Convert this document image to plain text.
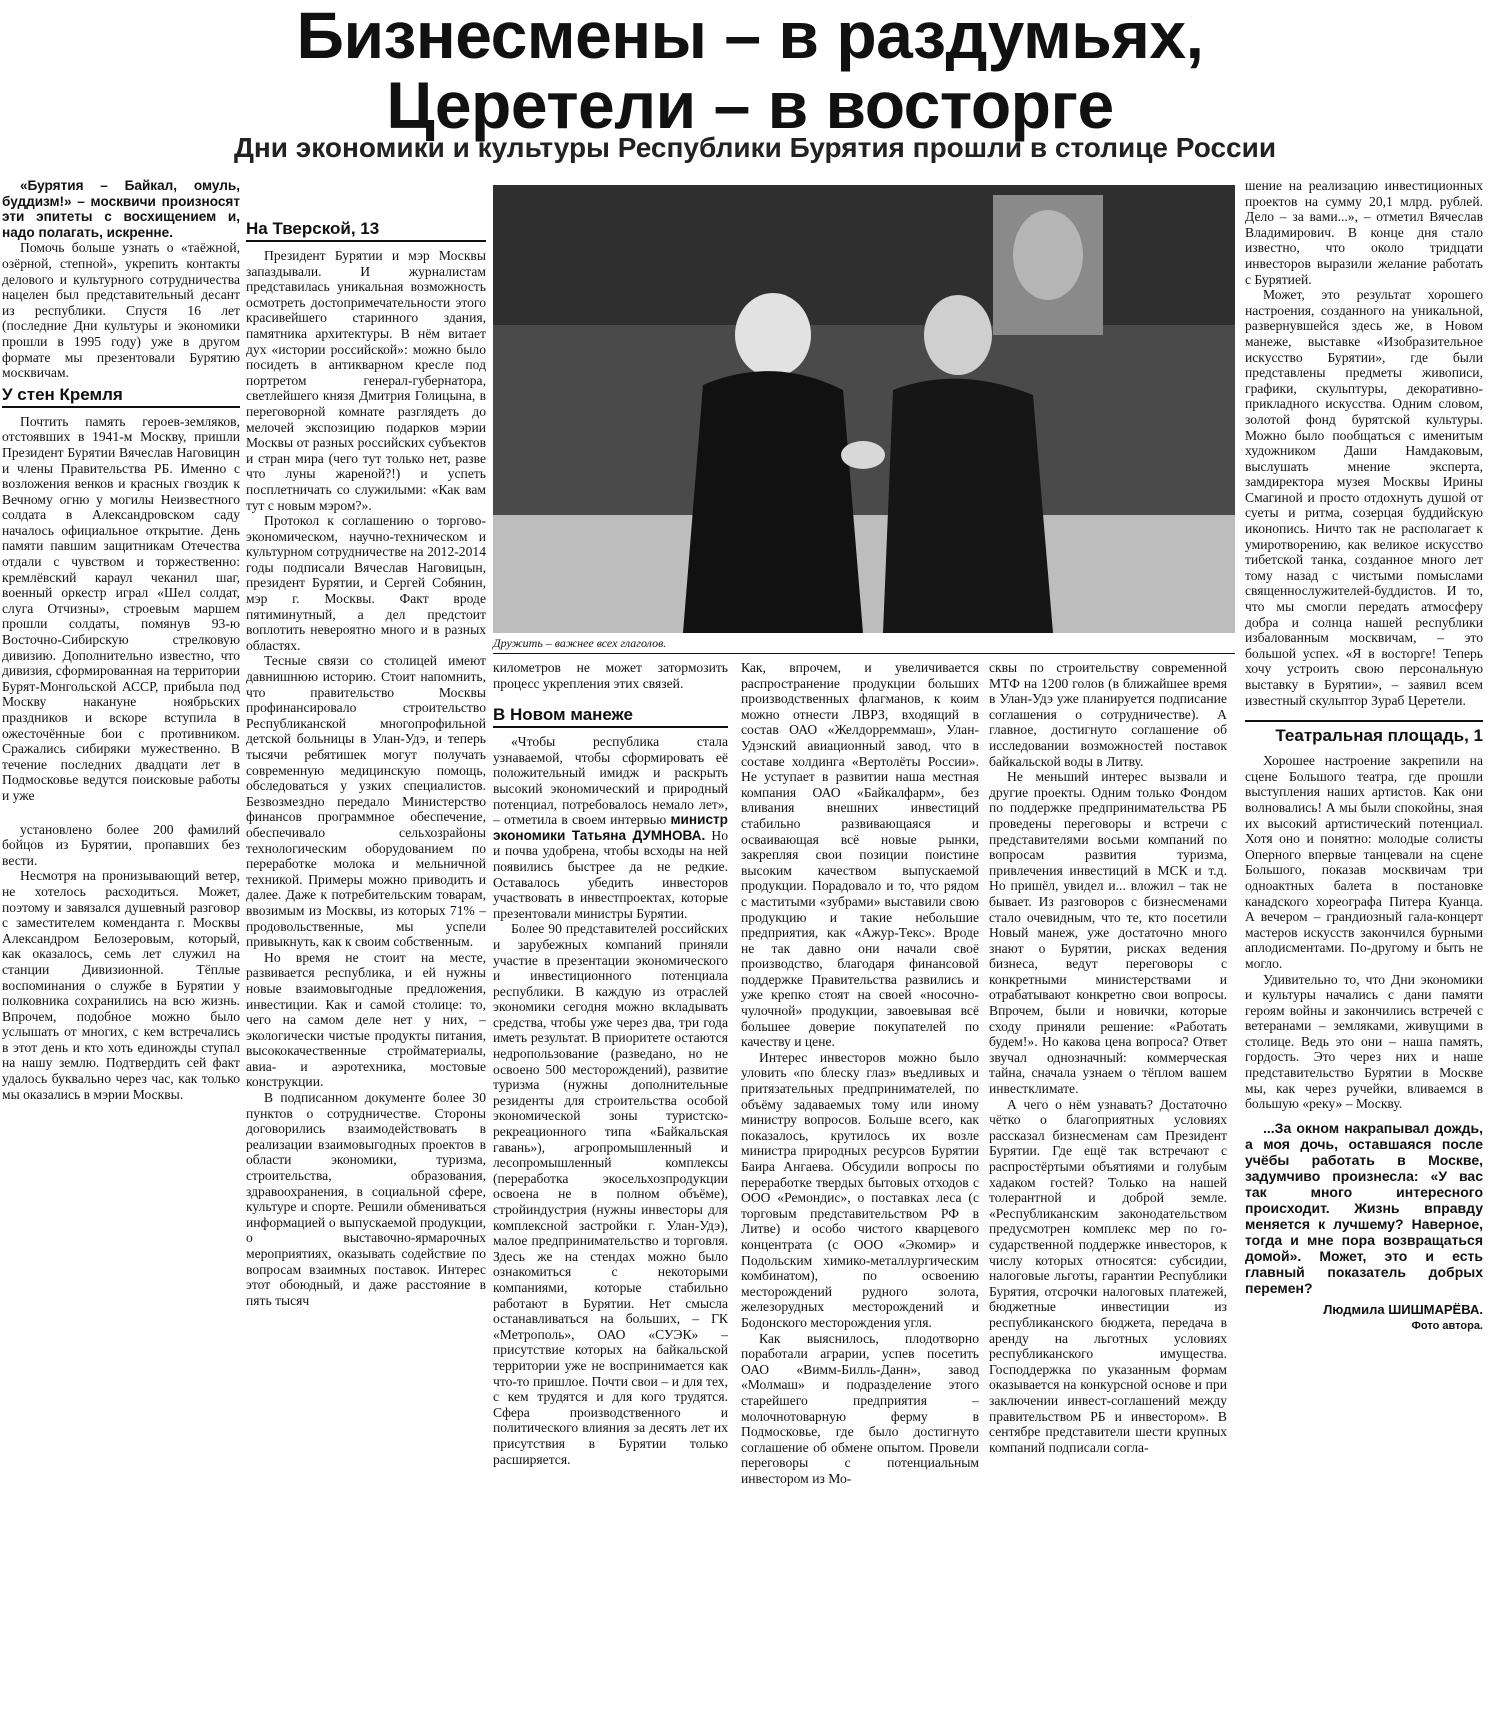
Бизнесмены – в раздумьях,
Церетели – в восторге
Дни экономики и культуры Республики Бурятия прошли в столице России

«Бурятия – Байкал, омуль, буддизм!» – москвичи произносят эти эпитеты с восхищением и, надо полагать, искренне.

Помочь больше узнать о «таёжной, озёрной, степной», укрепить контакты делового и культурного сотрудничества нацелен был представительный десант из республики. Спустя 16 лет (последние Дни культуры и экономики прошли в 1995 году) уже в другом формате мы презентовали Бурятию москвичам.

У стен Кремля

Почтить память героев-земляков, отстоявших в 1941-м Москву, пришли Президент Бурятии Вячеслав Наговицин и члены Правительства РБ. Именно с возложения венков и красных гвоздик к Вечному огню у могилы Неизвестного солдата в Александровском саду началось официальное открытие. День памяти павшим защитникам Отечества отдали с чувством и торжественно: кремлёвский караул чеканил шаг, военный оркестр играл «Шел солдат, слуга Отчизны», строевым маршем прошли солдаты, помянув 93-ю Восточно-Сибирскую стрелковую дивизию. Дополнительно известно, что дивизия, сформированная на территории Бурят-Монгольской АССР, прибыла под Москву накануне ноябрьских праздников и вскоре вступила в ожесточённые бои с противником. Сражались сибиряки мужественно. В течение последних двадцати лет в Подмосковье ведутся поисковые работы и уже

установлено более 200 фамилий бойцов из Бурятии, пропавших без вести.

Несмотря на пронизывающий ветер, не хотелось расходиться. Может, поэтому и завязался душевный разговор с заместителем коменданта г. Москвы Александром Белозеровым, который, как оказалось, семь лет служил на станции Дивизионной. Тёплые воспоминания о службе в Бурятии у полковника сохранились на всю жизнь. Впрочем, подобное можно было услышать от многих, с кем встречались в этот день и кто хоть единожды ступал на нашу землю. Подтвердить сей факт удалось буквально через час, как только мы оказались в мэрии Москвы.

На Тверской, 13

Президент Бурятии и мэр Москвы запаздывали. И журналистам представилась уникальная возможность осмотреть достопримечательности этого красивейшего старинного здания, памятника архитектуры. В нём витает дух «истории российской»: можно было посидеть в антикварном кресле под портретом генерал-губернатора, светлейшего князя Дмитрия Голицына, в переговорной комнате разглядеть до мелочей экспозицию подарков мэрии Москвы от разных российских субъектов и стран мира (чего тут только нет, разве что луны жареной?!) и успеть посплетничать со служилыми: «Как вам тут с новым мэром?».

Протокол к соглашению о торгово-экономическом, научно-техническом и культурном сотрудничестве на 2012-2014 годы подписали Вячеслав Наговицын, президент Бурятии, и Сергей Собянин, мэр г. Москвы. Факт вроде пятиминутный, а дел предстоит воплотить невероятно много и в разных областях.

Тесные связи со столицей имеют давнишнюю историю. Стоит напомнить, что правительство Москвы профинансировало строительство Республиканской многопрофильной детской больницы в Улан-Удэ, и теперь тысячи ребятишек могут получать современную медицинскую помощь, обследоваться у узких специалистов. Безвозмездно передало Министерство финансов программное обеспечение, обеспечивало сельхозрайоны технологическим оборудованием по переработке молока и мельничной техникой. Примеры можно приводить и далее. Даже к потребительским товарам, ввозимым из Москвы, из которых 71% – продовольственные, мы успели привыкнуть, как к своим собственным.

Но время не стоит на месте, развивается республика, и ей нужны новые взаимовыгодные предложения, инвестиции. Как и самой столице: то, чего на самом деле нет у них, – экологически чистые продукты питания, высококачественные стройматериалы, авиа- и аэротехника, мостовые конструкции.

В подписанном документе более 30 пунктов о сотрудничестве. Стороны договорились взаимодействовать в реализации взаимовыгодных проектов в области экономики, туризма, строительства, образования, здравоохранения, в социальной сфере, культуре и спорте. Решили обмениваться информацией о выпускаемой продукции, о выставочно-ярмарочных мероприятиях, оказывать содействие по вопросам взаимных поставок. Интерес этот обоюдный, и даже расстояние в пять тысяч

Дружить – важнее всех глаголов.

километров не может затормозить процесс укрепления этих связей.

В Новом манеже

«Чтобы республика стала узнаваемой, чтобы сформировать её положительный имидж и раскрыть высокий экономический и природный потенциал, потребовалось немало лет», – отметила в своем интервью министр экономики Татьяна ДУМНОВА. Но и почва удобрена, чтобы всходы на ней появились быстрее да не редкие. Оставалось убедить инвесторов участвовать в инвестпроектах, которые презентовали министры Бурятии.

Более 90 представителей российских и зарубежных компаний приняли участие в презентации экономического и инвестиционного потенциала республики. В каждую из отраслей экономики сегодня можно вкладывать средства, чтобы уже через два, три года иметь результат. В приоритете остаются недропользование (разведано, но не освоено 500 месторождений), развитие туризма (нужны дополнительные резиденты для строительства особой экономической зоны туристско-рекреационного типа «Байкальская гавань»), агропромышленный и лесопромышленный комплексы (переработка экосельхозпродукции освоена не в полном объёме), стройиндустрия (нужны инвесторы для комплексной застройки г. Улан-Удэ), малое предпринимательство и торговля. Здесь же на стендах можно было ознакомиться с некоторыми компаниями, которые стабильно работают в Бурятии. Нет смысла останавливаться на больших, – ГК «Метрополь», ОАО «СУЭК» – присутствие которых на байкальской территории уже не воспринимается как что-то пришлое. Почти свои – и для тех, с кем трудятся и для кого трудятся. Сфера производственного и политического влияния за десять лет их присутствия в Бурятии только расширяется.

Как, впрочем, и увеличивается распространение продукции больших производственных флагманов, к коим можно отнести ЛВРЗ, входящий в состав ОАО «Желдорреммаш», Улан-Удэнский авиационный завод, что в составе холдинга «Вертолёты России». Не уступает в развитии наша местная компания ОАО «Байкалфарм», без вливания внешних инвестиций стабильно развивающаяся и осваивающая всё новые рынки, закрепляя свои позиции поистине высоким качеством выпускаемой продукции. Порадовало и то, что рядом с маститыми «зубрами» выставили свою продукцию и такие небольшие предприятия, как «Ажур-Текс». Вроде не так давно они начали своё производство, благодаря финансовой поддержке Правительства развились и уже крепко стоят на своей «носочно-чулочной» продукции, завоевывая всё большее доверие покупателей по качеству и цене.

Интерес инвесторов можно было уловить «по блеску глаз» въедливых и притязательных предпринимателей, по объёму задаваемых тому или иному министру вопросов. Больше всего, как показалось, крутилось их возле министра природных ресурсов Бурятии Баира Ангаева. Обсудили вопросы по переработке твердых бытовых отходов с ООО «Ремондис», о поставках леса (с торговым представительством РФ в Литве) и особо чистого кварцевого концентрата (с ООО «Экомир» и Подольским химико-металлургическим комбинатом), по освоению месторождений рудного золота, железорудных месторождений и Бодонского месторождения угля.

Как выяснилось, плодотворно поработали аграрии, успев посетить ОАО «Вимм-Билль-Данн», завод «Молмаш» и подразделение этого старейшего предприятия – молочнотоварную ферму в Подмосковье, где было достигнуто соглашение об обмене опытом. Провели переговоры с потенциальным инвестором из Мо-

сквы по строительству современной МТФ на 1200 голов (в ближайшее время в Улан-Удэ уже планируется подписание соглашения о сотрудничестве). А главное, достигнуто соглашение об исследовании возможностей поставок байкальской воды в Литву.

Не меньший интерес вызвали и другие проекты. Одним только Фондом по поддержке предпринимательства РБ проведены переговоры и встречи с представителями восьми компаний по вопросам развития туризма, привлечения инвестиций в МСК и т.д. Но пришёл, увидел и... вложил – так не бывает. Из разговоров с бизнесменами стало очевидным, что те, кто посетили Новый манеж, уже достаточно много знают о Бурятии, рисках ведения бизнеса, ведут переговоры с конкретными министерствами и отрабатывают конкретно свои вопросы. Впрочем, были и новички, которые сходу приняли решение: «Работать будем!». Но какова цена вопроса? Ответ звучал однозначный: коммерческая тайна, сначала узнаем о тёплом вашем инвестклимате.

А чего о нём узнавать? Достаточно чётко о благоприятных условиях рассказал бизнесменам сам Президент Бурятии. Где ещё так встречают с распростёртыми объятиями и голубым хадаком гостей? Только на нашей толерантной и доброй земле. «Республиканским законодательством предусмотрен комплекс мер по го-сударственной поддержке инвесторов, к числу которых относятся: субсидии, налоговые льготы, гарантии Республики Бурятия, отсрочки налоговых платежей, бюджетные инвестиции из республиканского бюджета, передача в аренду на льготных условиях республиканского имущества. Господдержка по указанным формам оказывается на конкурсной основе и при заключении инвест-соглашений между правительством РБ и инвестором». В сентябре представители шести крупных компаний подписали согла-

шение на реализацию инвестиционных проектов на сумму 20,1 млрд. рублей. Дело – за вами...», – отметил Вячеслав Владимирович. В конце дня стало известно, что около тридцати инвесторов выразили желание работать с Бурятией.

Может, это результат хорошего настроения, созданного на уникальной, развернувшейся здесь же, в Новом манеже, выставке «Изобразительное искусство Бурятии», где были представлены предметы живописи, графики, скульптуры, декоративно-прикладного искусства. Одним словом, золотой фонд бурятской культуры. Можно было пообщаться с именитым художником Даши Намдаковым, выслушать мнение эксперта, замдиректора музея Москвы Ирины Смагиной и просто отдохнуть душой от суеты и ритма, созерцая буддийскую иконопись. Ничто так не располагает к умиротворению, как великое искусство тибетской танка, созданное много лет тому назад с чистыми помыслами священнослужителей-буддистов. И то, что мы смогли передать атмосферу добра и солнца нашей республики избалованным москвичам, – это большой успех. «Я в восторге! Теперь хочу устроить свою персональную выставку в Бурятии», – заявил всем известный скульптор Зураб Церетели.

Театральная площадь, 1

Хорошее настроение закрепили на сцене Большого театра, где прошли выступления наших артистов. Как они волновались! А мы были спокойны, зная их высокий артистический потенциал. Хотя оно и понятно: молодые солисты Оперного впервые танцевали на сцене Большого, показав москвичам три одноактных балета в постановке канадского хореографа Питера Куанца. А вечером – грандиозный гала-концерт мастеров искусств закончился бурными аплодисментами. По-другому и быть не могло.

Удивительно то, что Дни экономики и культуры начались с дани памяти героям войны и закончились встречей с ветеранами – земляками, живущими в столице. Ведь это они – наша память, гордость. Это через них и наше представительство Бурятии в Москве мы, как через ручейки, вливаемся в большую «реку» – Москву.

...За окном накрапывал дождь, а моя дочь, оставшаяся после учёбы работать в Москве, задумчиво произнесла: «У вас так много интересного происходит. Жизнь вправду меняется к лучшему? Наверное, тогда и мне пора возвращаться домой». Может, это и есть главный показатель добрых перемен?

Людмила ШИШМАРЁВА.
Фото автора.
